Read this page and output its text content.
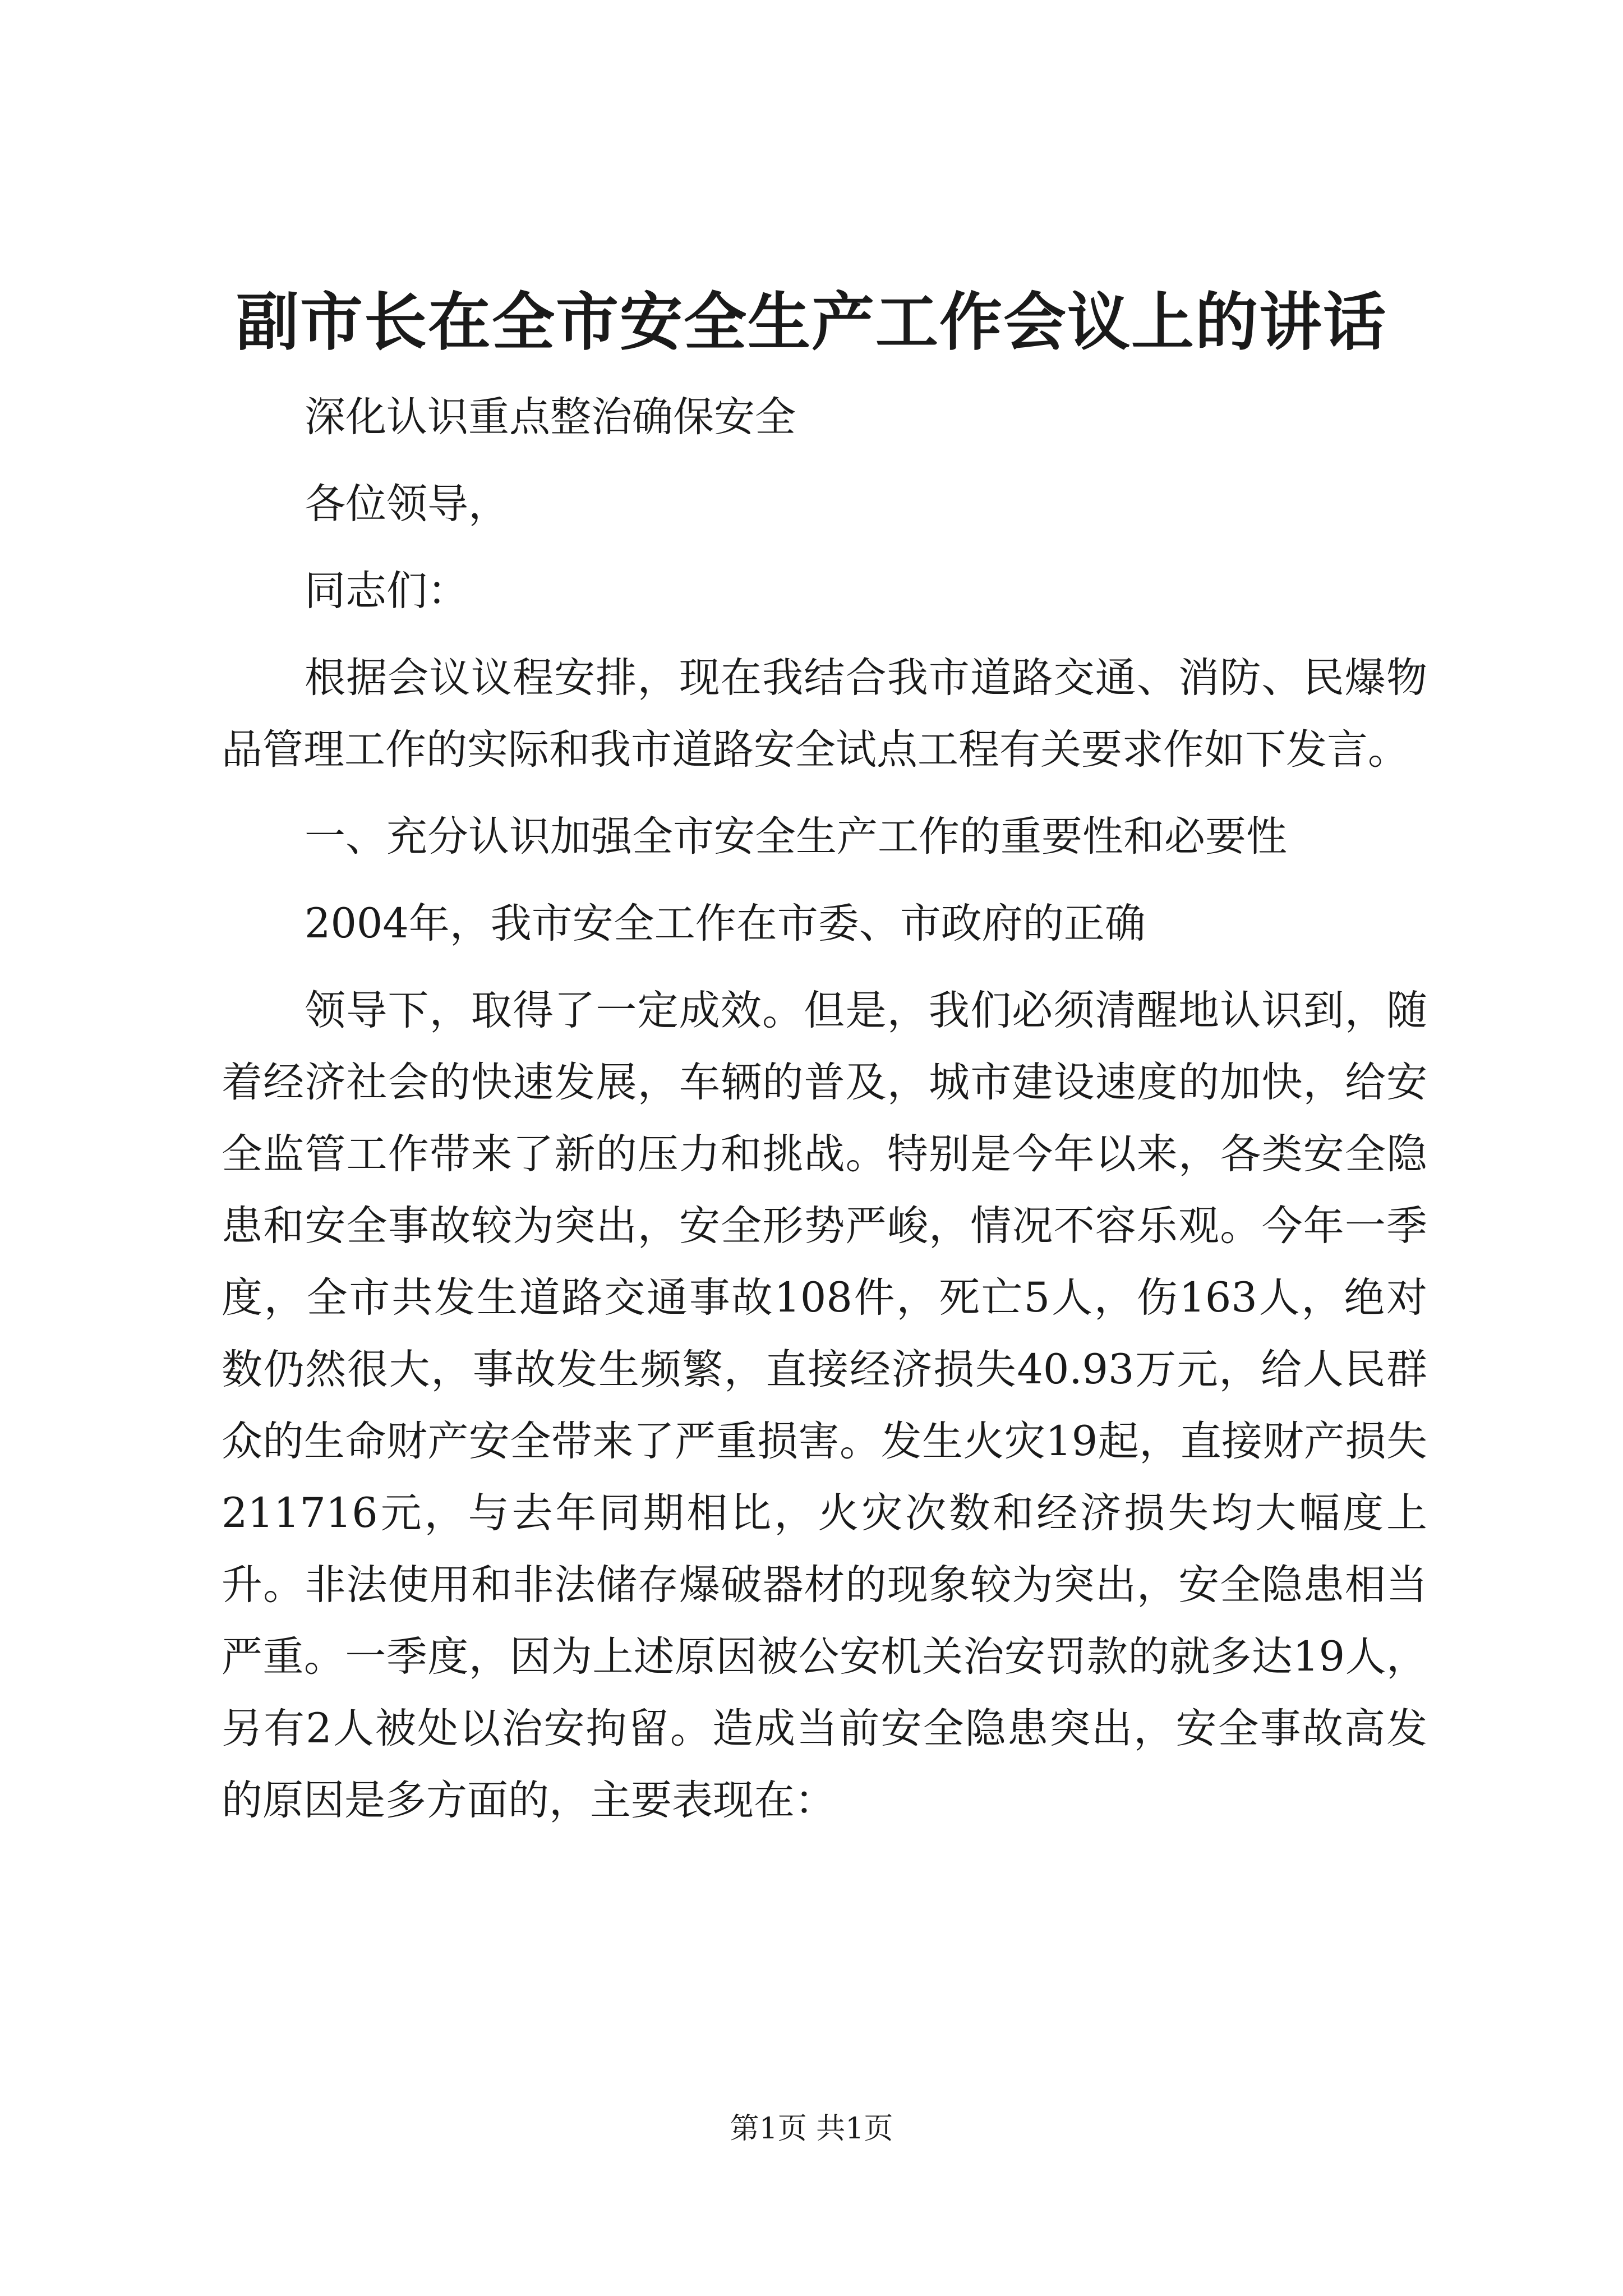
副市长在全市安全生产工作会议上的讲话

深化认识重点整治确保安全

各位领导，

同志们：

根据会议议程安排，现在我结合我市道路交通、消防、民爆物品管理工作的实际和我市道路安全试点工程有关要求作如下发言。

一、充分认识加强全市安全生产工作的重要性和必要性

2004年，我市安全工作在市委、市政府的正确

领导下，取得了一定成效。但是，我们必须清醒地认识到，随着经济社会的快速发展，车辆的普及，城市建设速度的加快，给安全监管工作带来了新的压力和挑战。特别是今年以来，各类安全隐患和安全事故较为突出，安全形势严峻，情况不容乐观。今年一季度，全市共发生道路交通事故108件，死亡5人，伤163人，绝对数仍然很大，事故发生频繁，直接经济损失40.93万元，给人民群众的生命财产安全带来了严重损害。发生火灾19起，直接财产损失211716元，与去年同期相比，火灾次数和经济损失均大幅度上升。非法使用和非法储存爆破器材的现象较为突出，安全隐患相当严重。一季度，因为上述原因被公安机关治安罚款的就多达19人，另有2人被处以治安拘留。造成当前安全隐患突出，安全事故高发的原因是多方面的，主要表现在：

第1页 共1页
